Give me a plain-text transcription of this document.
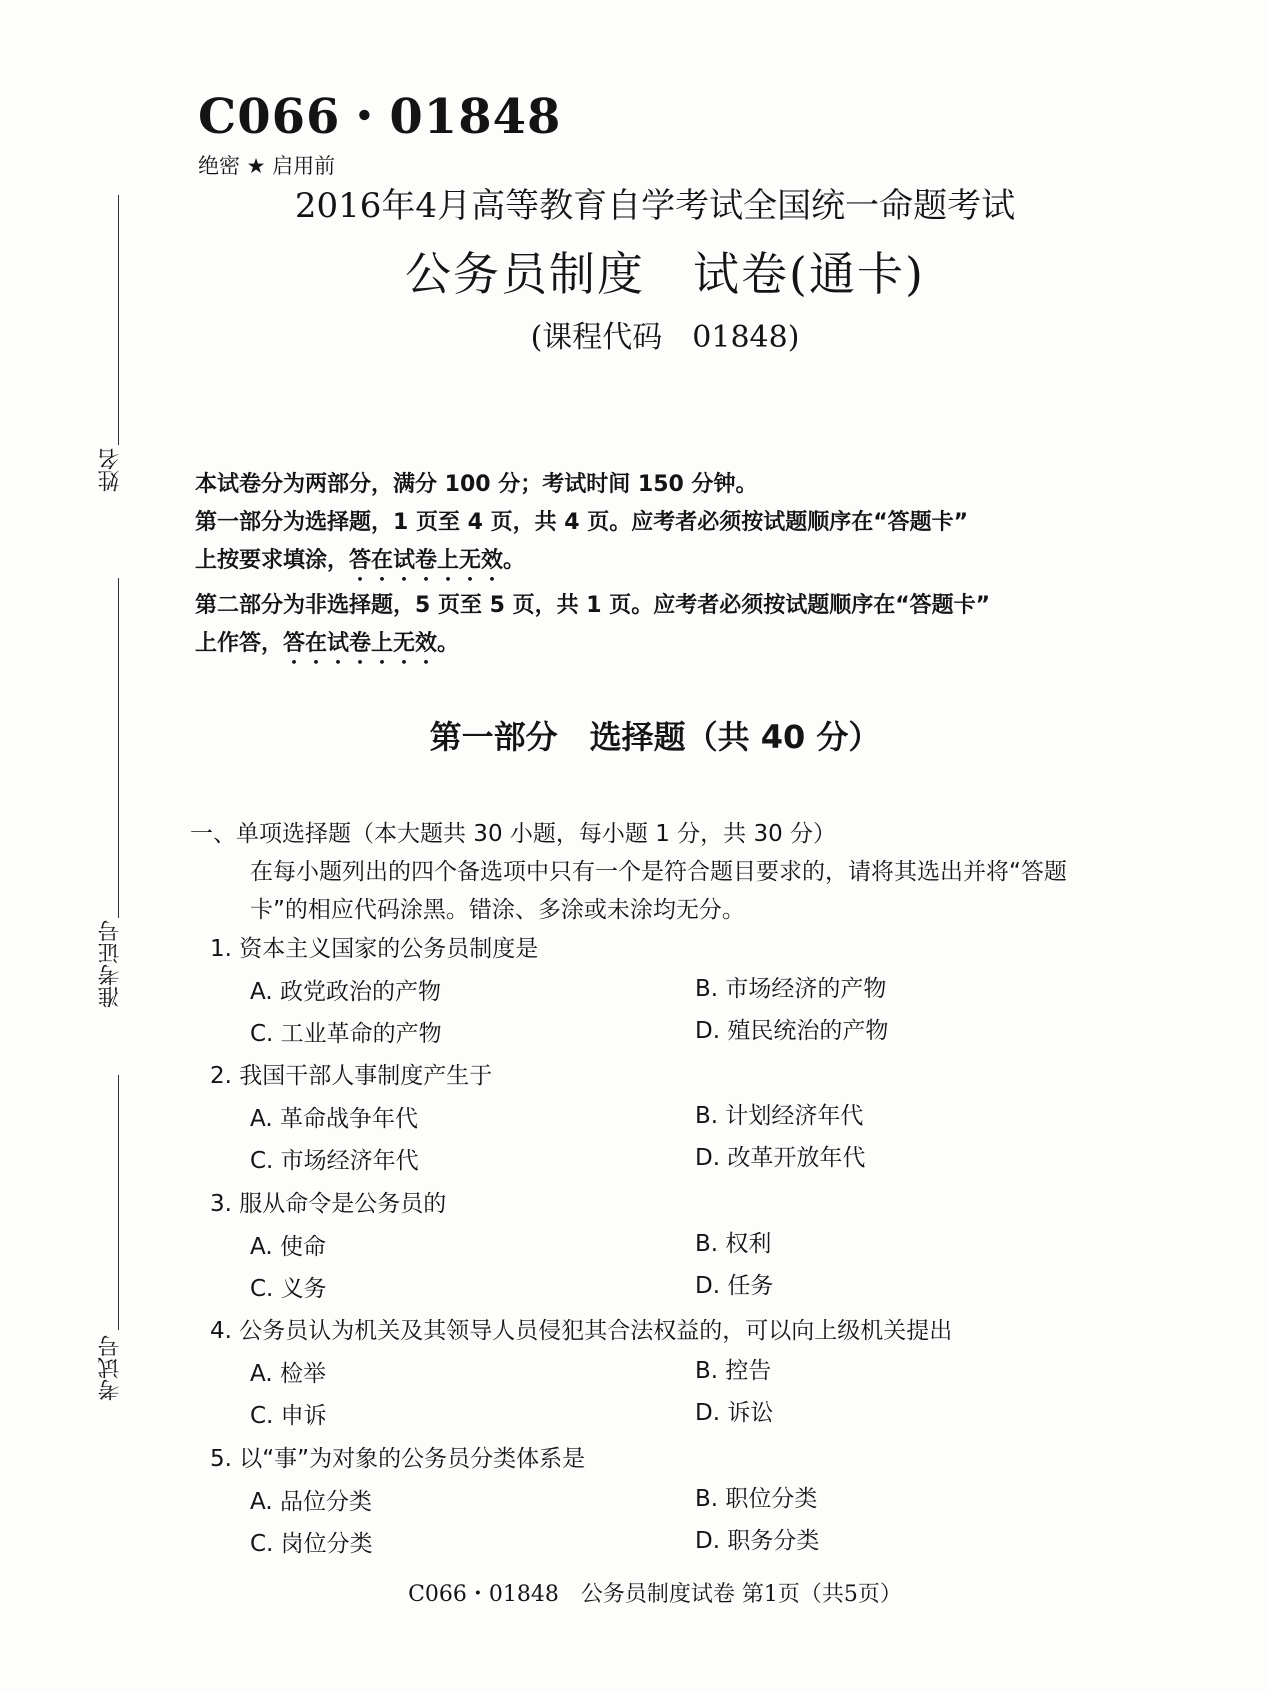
姓名
准考证号
考试号
C066・01848
绝密 ★ 启用前
2016年4月高等教育自学考试全国统一命题考试
公务员制度　试卷(通卡)
(课程代码　01848)
本试卷分为两部分，满分 100 分；考试时间 150 分钟。
第一部分为选择题，1 页至 4 页，共 4 页。应考者必须按试题顺序在“答题卡”
上按要求填涂，答在试卷上无效。
第二部分为非选择题，5 页至 5 页，共 1 页。应考者必须按试题顺序在“答题卡”
上作答，答在试卷上无效。
第一部分　选择题（共 40 分）
一、单项选择题（本大题共 30 小题，每小题 1 分，共 30 分）
在每小题列出的四个备选项中只有一个是符合题目要求的，请将其选出并将“答题
卡”的相应代码涂黑。错涂、多涂或未涂均无分。
1. 资本主义国家的公务员制度是
A. 政党政治的产物	B. 市场经济的产物
C. 工业革命的产物	D. 殖民统治的产物
2. 我国干部人事制度产生于
A. 革命战争年代	B. 计划经济年代
C. 市场经济年代	D. 改革开放年代
3. 服从命令是公务员的
A. 使命	B. 权利
C. 义务	D. 任务
4. 公务员认为机关及其领导人员侵犯其合法权益的，可以向上级机关提出
A. 检举	B. 控告
C. 申诉	D. 诉讼
5. 以“事”为对象的公务员分类体系是
A. 品位分类	B. 职位分类
C. 岗位分类	D. 职务分类
C066・01848　公务员制度试卷 第1页（共5页）
